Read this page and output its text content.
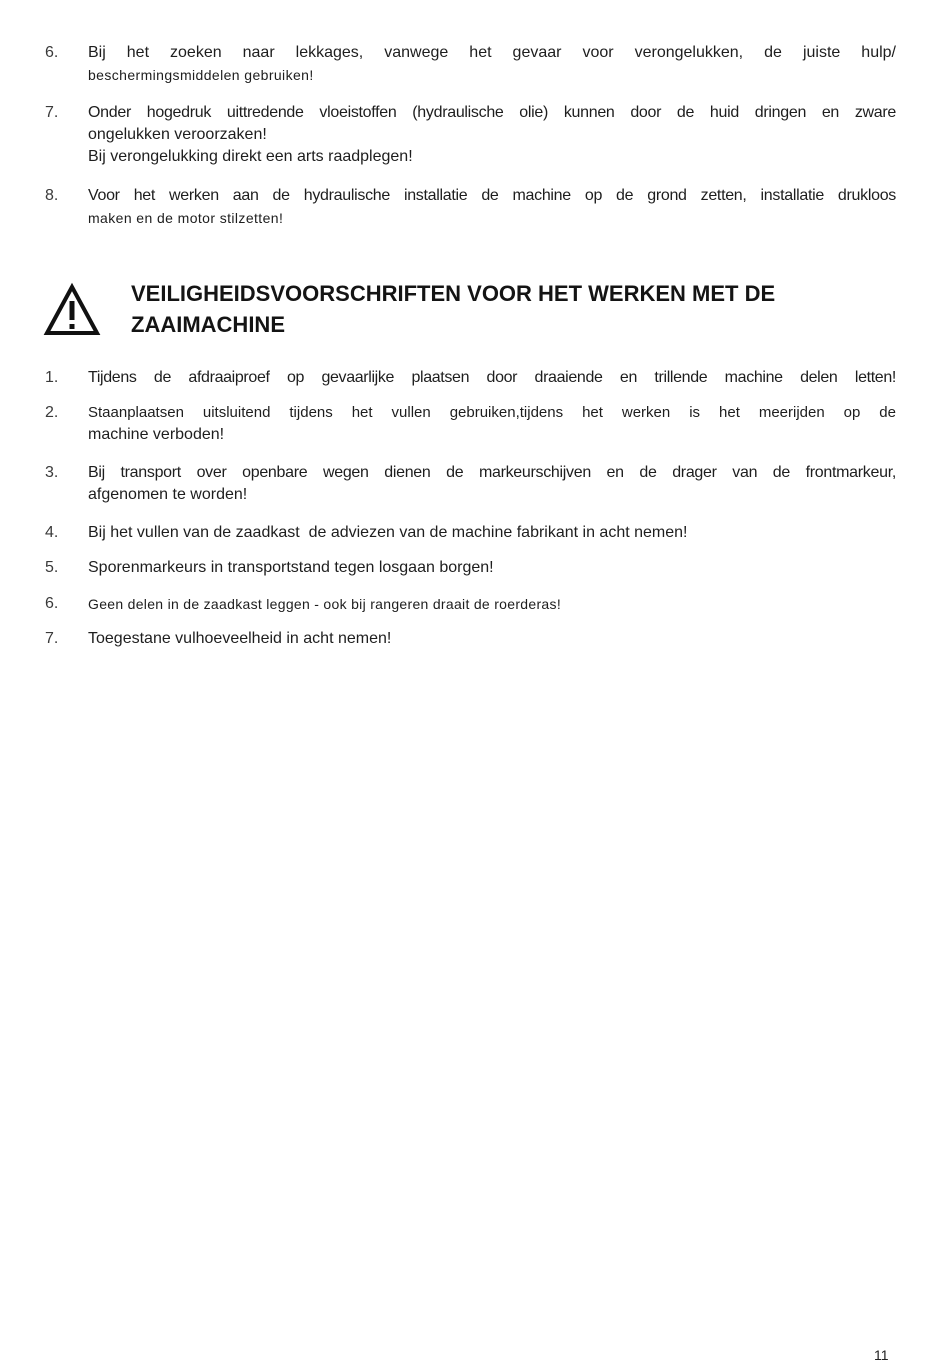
6. Bij het zoeken naar lekkages, vanwege het gevaar voor verongelukken, de juiste hulp/

beschermingsmiddelen gebruiken!

7. Onder hogedruk uittredende vloeistoffen (hydraulische olie) kunnen door de huid dringen en zware

ongelukken veroorzaken!

Bij verongelukking direkt een arts raadplegen!

8. Voor het werken aan de hydraulische installatie de machine op de grond zetten, installatie drukloos

maken en de motor stilzetten!

VEILIGHEIDSVOORSCHRIFTEN VOOR HET WERKEN MET DE
ZAAIMACHINE
1. Tijdens de afdraaiproef op gevaarlijke plaatsen door draaiende en trillende machine delen letten!

2. Staanplaatsen uitsluitend tijdens het vullen gebruiken,tijdens het werken is het meerijden op de

machine verboden!

3. Bij transport over openbare wegen dienen de markeurschijven en de drager van de frontmarkeur,

afgenomen te worden!

4. Bij het vullen van de zaadkast  de adviezen van de machine fabrikant in acht nemen!

5. Sporenmarkeurs in transportstand tegen losgaan borgen!

6. Geen delen in de zaadkast leggen - ook bij rangeren draait de roerderas!

7. Toegestane vulhoeveelheid in acht nemen!

11
